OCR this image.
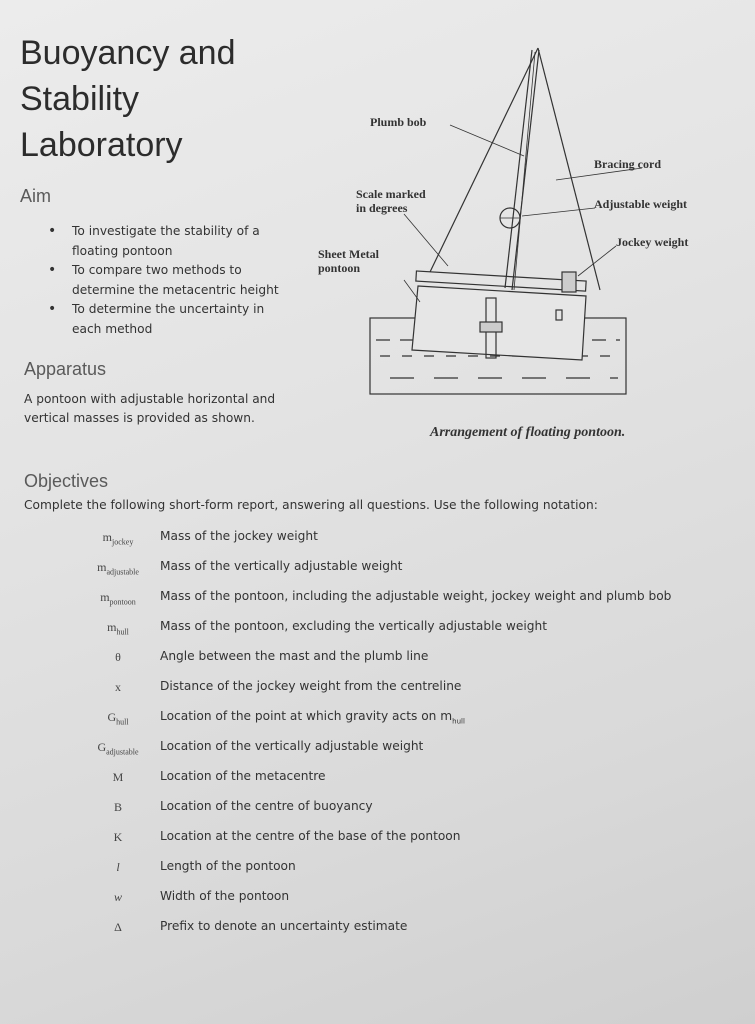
Buoyancy and
Stability
Laboratory
Aim
• To investigate the stability of a floating pontoon
• To compare two methods to determine the metacentric height
• To determine the uncertainty in each method
Apparatus
A pontoon with adjustable horizontal and vertical masses is provided as shown.
Plumb bob
Bracing cord
Scale marked
in degrees	Adjustable weight
Sheet Metal
pontoon
Jockey weight
Arrangement of floating pontoon.
Objectives
Complete the following short-form report, answering all questions. Use the following notation:
$m_{jockey}$	Mass of the jockey weight
$m_{adjustable}$	Mass of the vertically adjustable weight
$m_{pontoon}$	Mass of the pontoon, including the adjustable weight, jockey weight and plumb bob
$m_{hull}$	Mass of the pontoon, excluding the vertically adjustable weight
θ	Angle between the mast and the plumb line
x	Distance of the jockey weight from the centreline
$G_{hull}$	Location of the point at which gravity acts on $m_{hull}$
$G_{adjustable}$	Location of the vertically adjustable weight
M	Location of the metacentre
B	Location of the centre of buoyancy
K	Location at the centre of the base of the pontoon
l	Length of the pontoon
w	Width of the pontoon
Δ	Prefix to denote an uncertainty estimate
